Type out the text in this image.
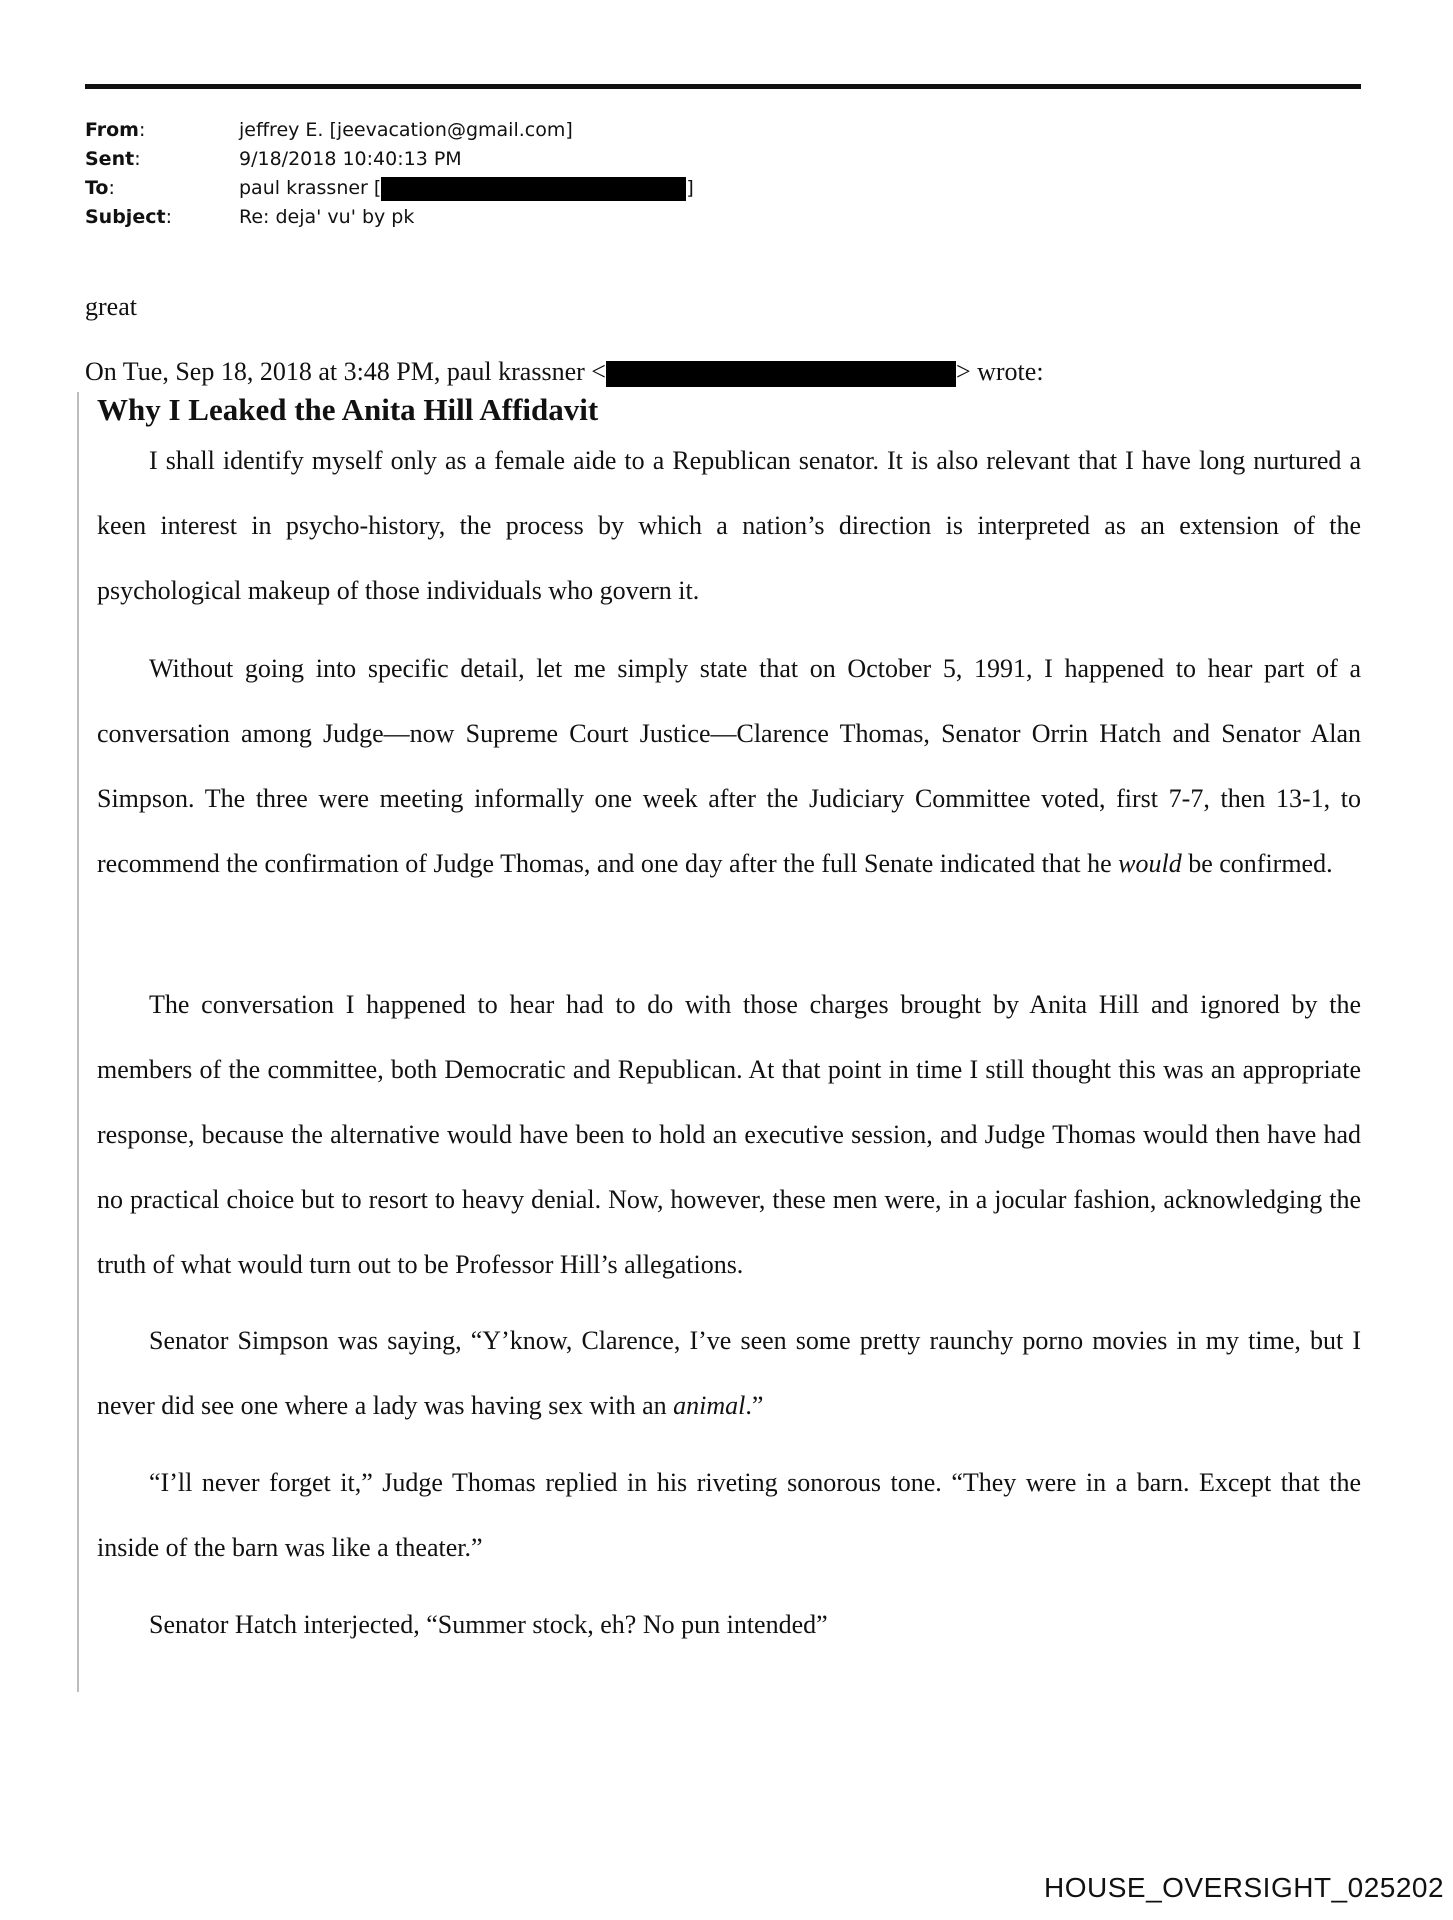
From:	jeffrey E. [jeevacation@gmail.com]
Sent:	9/18/2018 10:40:13 PM
To:	paul krassner [	]
Subject:	Re: deja' vu' by pk
great
On Tue, Sep 18, 2018 at 3:48 PM, paul krassner <	> wrote:
Why I Leaked the Anita Hill Affidavit
I shall identify myself only as a female aide to a Republican senator. It is also relevant that I have long nurtured a keen interest in psycho-history, the process by which a nation’s direction is interpreted as an extension of the psychological makeup of those individuals who govern it.
Without going into specific detail, let me simply state that on October 5, 1991, I happened to hear part of a conversation among Judge—now Supreme Court Justice—Clarence Thomas, Senator Orrin Hatch and Senator Alan Simpson. The three were meeting informally one week after the Judiciary Committee voted, first 7-7, then 13-1, to recommend the confirmation of Judge Thomas, and one day after the full Senate indicated that he would be confirmed.
The conversation I happened to hear had to do with those charges brought by Anita Hill and ignored by the members of the committee, both Democratic and Republican. At that point in time I still thought this was an appropriate response, because the alternative would have been to hold an executive session, and Judge Thomas would then have had no practical choice but to resort to heavy denial. Now, however, these men were, in a jocular fashion, acknowledging the truth of what would turn out to be Professor Hill’s allegations.
Senator Simpson was saying, “Y’know, Clarence, I’ve seen some pretty raunchy porno movies in my time, but I never did see one where a lady was having sex with an animal.”
“I’ll never forget it,” Judge Thomas replied in his riveting sonorous tone. “They were in a barn. Except that the inside of the barn was like a theater.”
Senator Hatch interjected, “Summer stock, eh? No pun intended”
HOUSE_OVERSIGHT_025202
